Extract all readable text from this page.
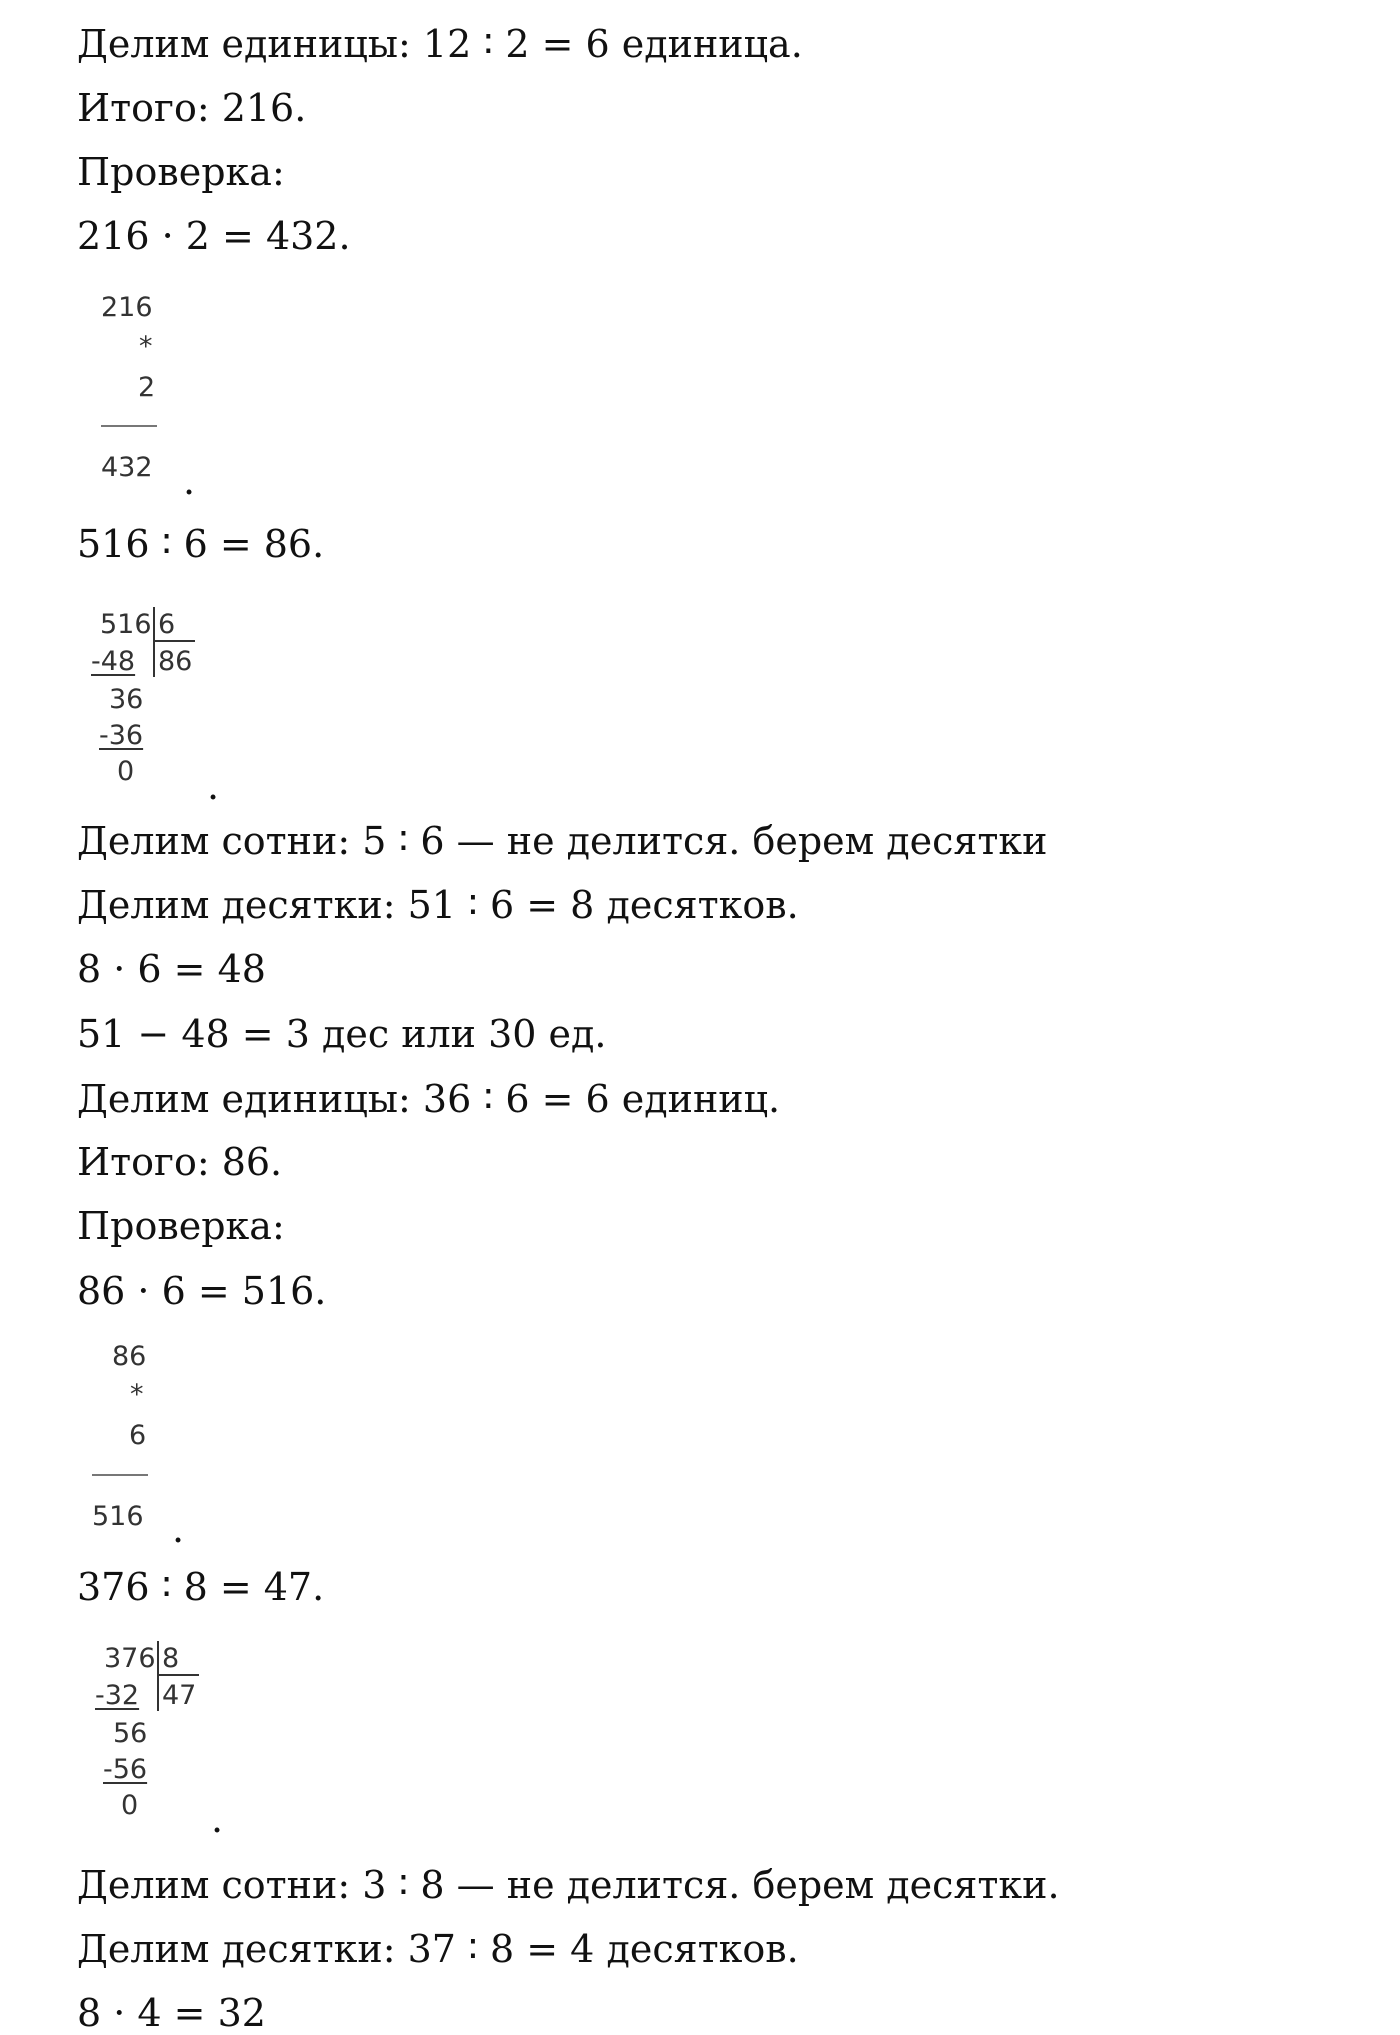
Делим единицы: 12 ∶ 2 = 6 единица.
Итого: 216.
Проверка:
216 · 2 = 432.
216
*
2
432 .
516 ∶ 6 = 86.
516 6
86
-48
36
-36
0 .
Делим сотни: 5 ∶ 6 — не делится. берем десятки
Делим десятки: 51 ∶ 6 = 8 десятков.
8 · 6 = 48
51 − 48 = 3 дес или 30 ед.
Делим единицы: 36 ∶ 6 = 6 единиц.
Итого: 86.
Проверка:
86 · 6 = 516.
86
*
6
516 .
376 ∶ 8 = 47.
376 8
47
-32
56
-56
0 .
Делим сотни: 3 ∶ 8 — не делится. берем десятки.
Делим десятки: 37 ∶ 8 = 4 десятков.
8 · 4 = 32
